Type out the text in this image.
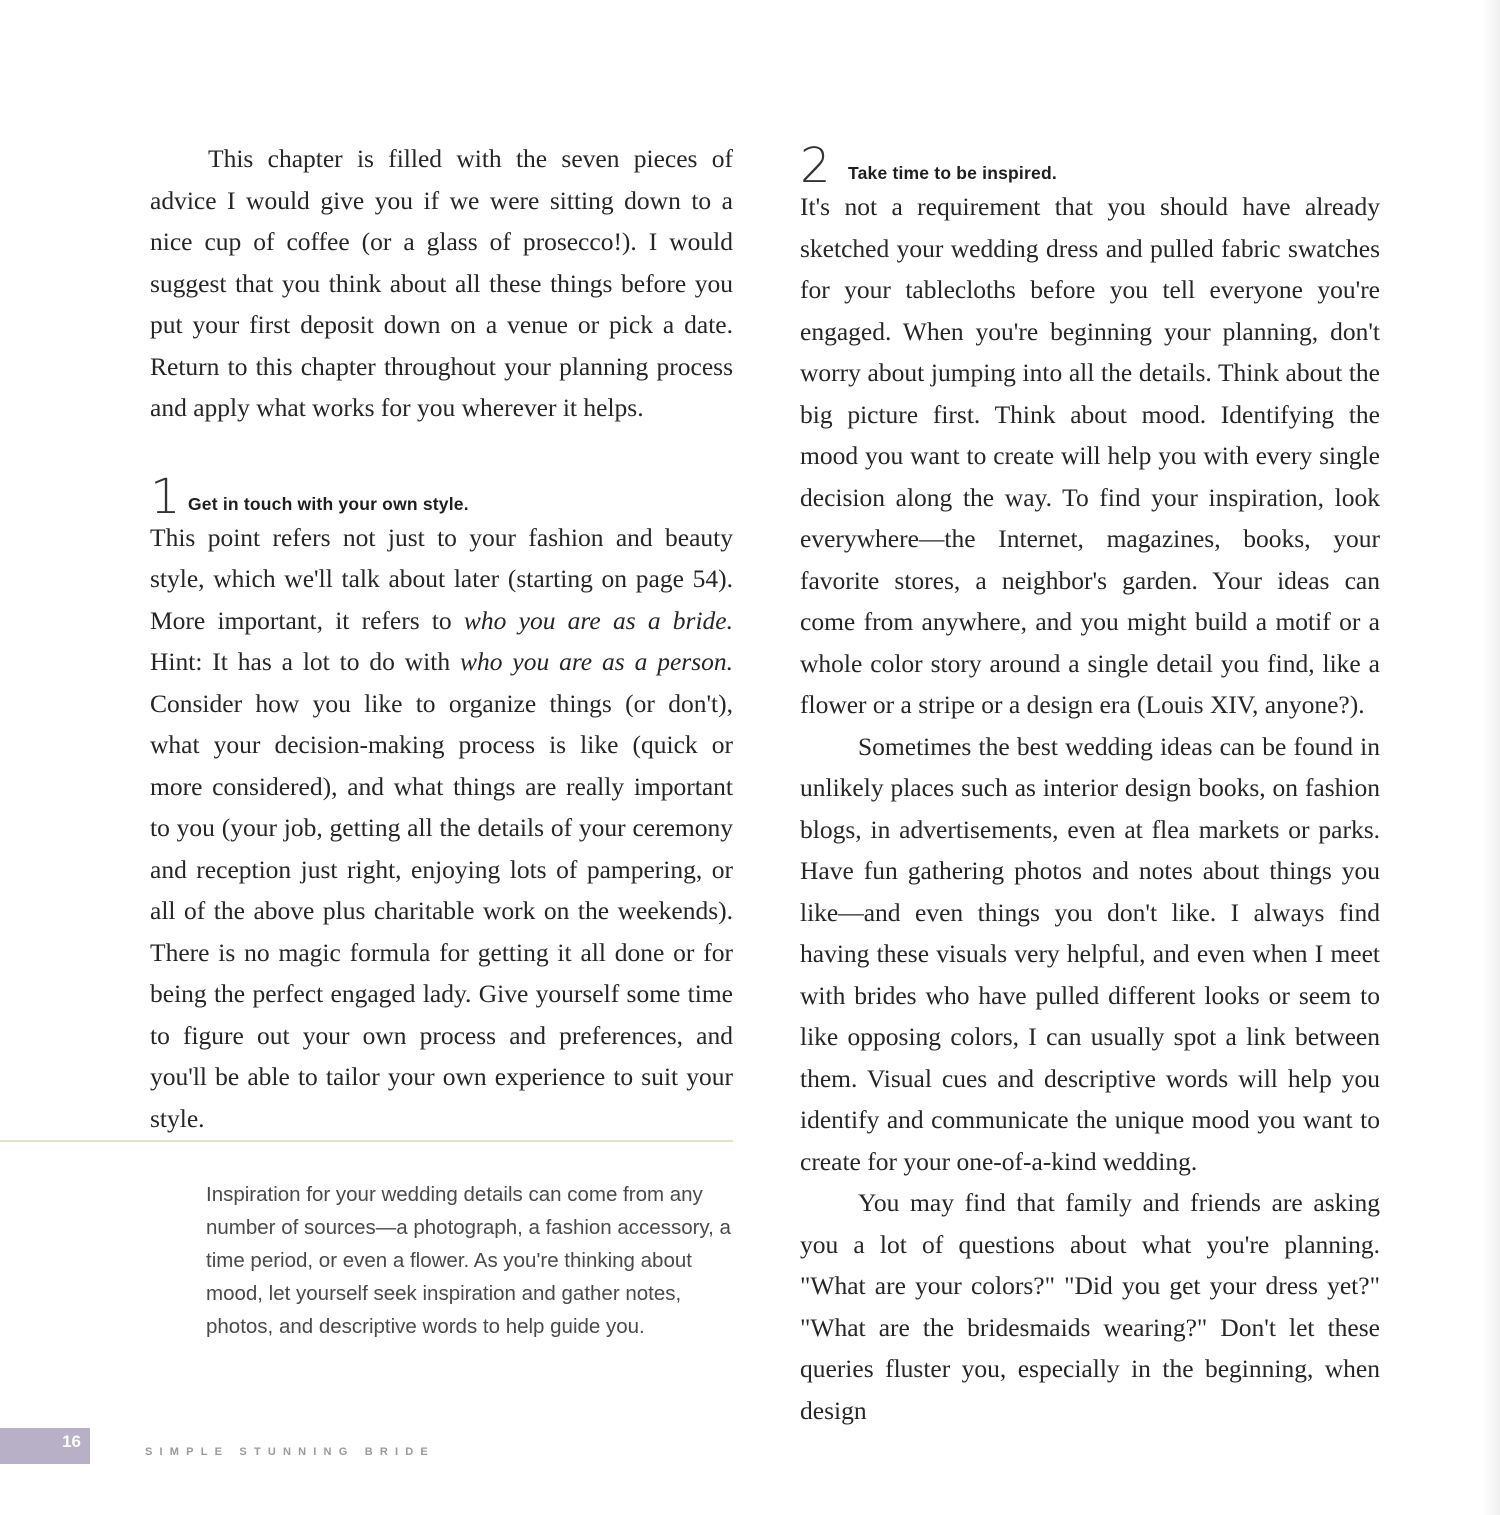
This chapter is filled with the seven pieces of advice I would give you if we were sitting down to a nice cup of coffee (or a glass of prosecco!). I would suggest that you think about all these things before you put your first deposit down on a venue or pick a date. Return to this chapter throughout your planning process and apply what works for you wherever it helps.

1 Get in touch with your own style.

This point refers not just to your fashion and beauty style, which we'll talk about later (starting on page 54). More important, it refers to who you are as a bride. Hint: It has a lot to do with who you are as a person. Consider how you like to organize things (or don't), what your decision-making process is like (quick or more considered), and what things are really important to you (your job, getting all the details of your ceremony and reception just right, enjoying lots of pampering, or all of the above plus charitable work on the weekends). There is no magic formula for getting it all done or for being the perfect engaged lady. Give yourself some time to figure out your own process and preferences, and you'll be able to tailor your own experience to suit your style.

Inspiration for your wedding details can come from any number of sources—a photograph, a fashion accessory, a time period, or even a flower. As you're thinking about mood, let yourself seek inspiration and gather notes, photos, and descriptive words to help guide you.
2 Take time to be inspired.

It's not a requirement that you should have already sketched your wedding dress and pulled fabric swatches for your tablecloths before you tell everyone you're engaged. When you're beginning your planning, don't worry about jumping into all the details. Think about the big picture first. Think about mood. Identifying the mood you want to create will help you with every single decision along the way. To find your inspiration, look everywhere—the Internet, magazines, books, your favorite stores, a neighbor's garden. Your ideas can come from anywhere, and you might build a motif or a whole color story around a single detail you find, like a flower or a stripe or a design era (Louis XIV, anyone?).

Sometimes the best wedding ideas can be found in unlikely places such as interior design books, on fashion blogs, in advertisements, even at flea markets or parks. Have fun gathering photos and notes about things you like—and even things you don't like. I always find having these visuals very helpful, and even when I meet with brides who have pulled different looks or seem to like opposing colors, I can usually spot a link between them. Visual cues and descriptive words will help you identify and communicate the unique mood you want to create for your one-of-a-kind wedding.

You may find that family and friends are asking you a lot of questions about what you're planning. "What are your colors?" "Did you get your dress yet?" "What are the bridesmaids wearing?" Don't let these queries fluster you, especially in the beginning, when design

16
SIMPLE STUNNING BRIDE
